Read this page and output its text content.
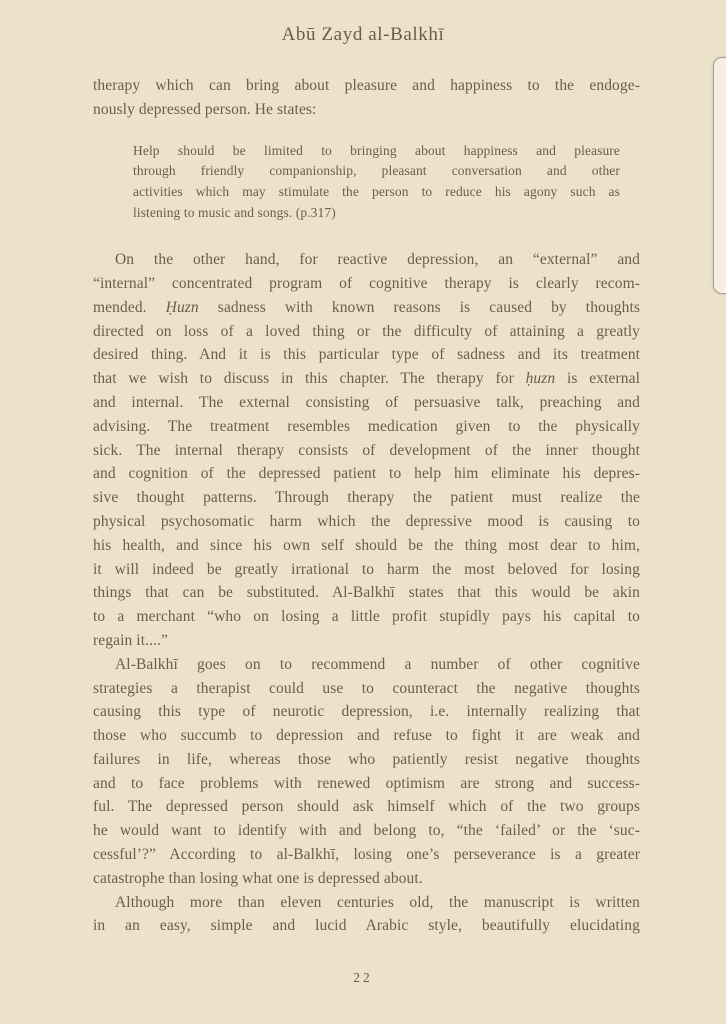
Abū Zayd al-Balkhī
therapy which can bring about pleasure and happiness to the endoge-
nously depressed person. He states:
Help should be limited to bringing about happiness and pleasure
through friendly companionship, pleasant conversation and other
activities which may stimulate the person to reduce his agony such as
listening to music and songs. (p.317)
On the other hand, for reactive depression, an “external” and
“internal” concentrated program of cognitive therapy is clearly recom-
mended. Ḥuzn sadness with known reasons is caused by thoughts
directed on loss of a loved thing or the difficulty of attaining a greatly
desired thing. And it is this particular type of sadness and its treatment
that we wish to discuss in this chapter. The therapy for ḥuzn is external
and internal. The external consisting of persuasive talk, preaching and
advising. The treatment resembles medication given to the physically
sick. The internal therapy consists of development of the inner thought
and cognition of the depressed patient to help him eliminate his depres-
sive thought patterns. Through therapy the patient must realize the
physical psychosomatic harm which the depressive mood is causing to
his health, and since his own self should be the thing most dear to him,
it will indeed be greatly irrational to harm the most beloved for losing
things that can be substituted. Al-Balkhī states that this would be akin
to a merchant “who on losing a little profit stupidly pays his capital to
regain it....”
Al-Balkhī goes on to recommend a number of other cognitive
strategies a therapist could use to counteract the negative thoughts
causing this type of neurotic depression, i.e. internally realizing that
those who succumb to depression and refuse to fight it are weak and
failures in life, whereas those who patiently resist negative thoughts
and to face problems with renewed optimism are strong and success-
ful. The depressed person should ask himself which of the two groups
he would want to identify with and belong to, “the ‘failed’ or the ‘suc-
cessful’?” According to al-Balkhī, losing one’s perseverance is a greater
catastrophe than losing what one is depressed about.
Although more than eleven centuries old, the manuscript is written
in an easy, simple and lucid Arabic style, beautifully elucidating
22
